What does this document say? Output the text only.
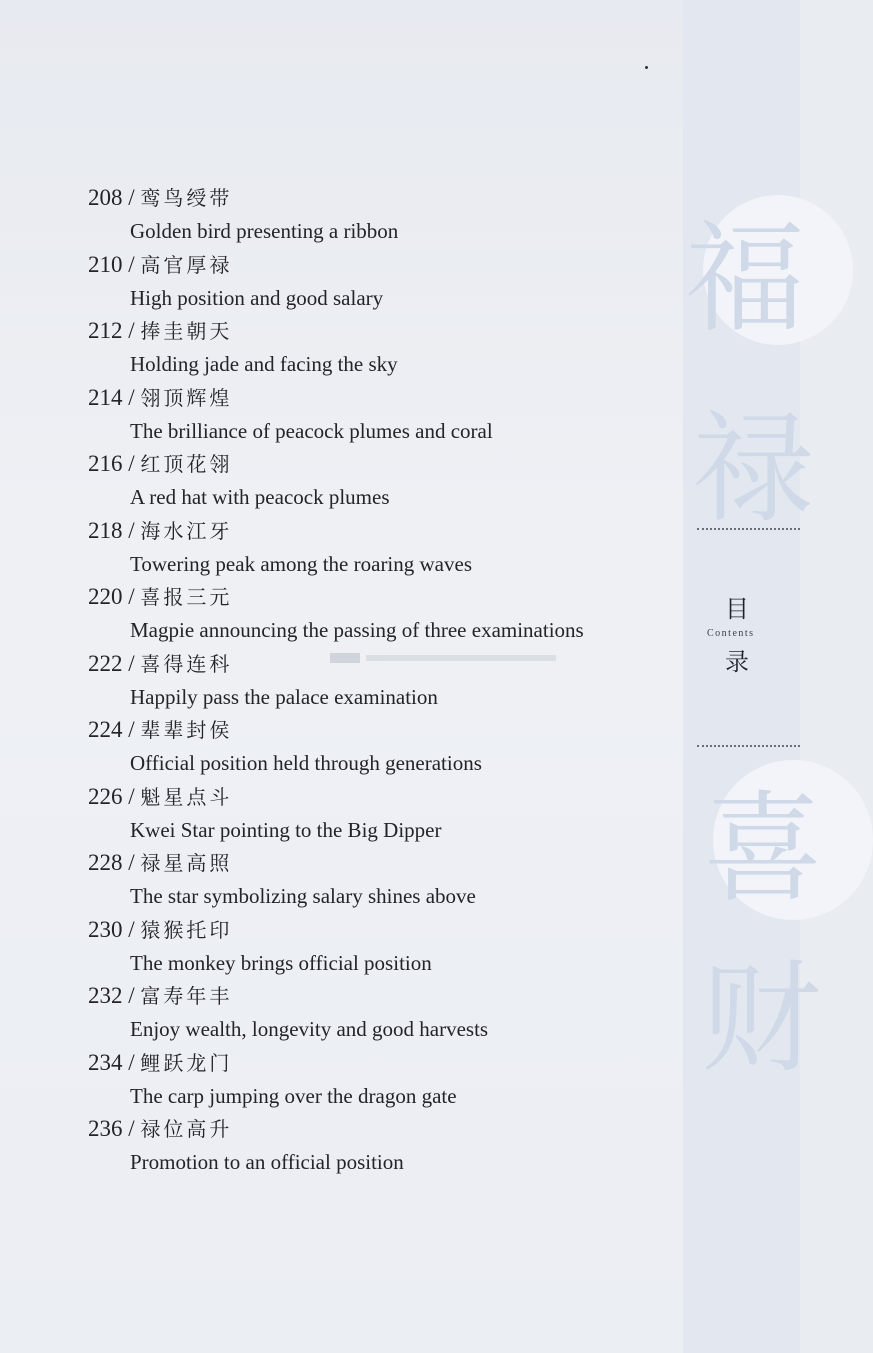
福
禄
喜
财
目
Contents
录
208 / 鸾鸟绶带
Golden bird presenting a ribbon
210 / 高官厚禄
High position and good salary
212 / 捧圭朝天
Holding jade and facing the sky
214 / 翎顶辉煌
The brilliance of peacock plumes and coral
216 / 红顶花翎
A red hat with peacock plumes
218 / 海水江牙
Towering peak among the roaring waves
220 / 喜报三元
Magpie announcing the passing of three examinations
222 / 喜得连科
Happily pass the palace examination
224 / 辈辈封侯
Official position held through generations
226 / 魁星点斗
Kwei Star pointing to the Big Dipper
228 / 禄星高照
The star symbolizing salary shines above
230 / 猿猴托印
The monkey brings official position
232 / 富寿年丰
Enjoy wealth, longevity and good harvests
234 / 鲤跃龙门
The carp jumping over the dragon gate
236 / 禄位高升
Promotion to an official position
